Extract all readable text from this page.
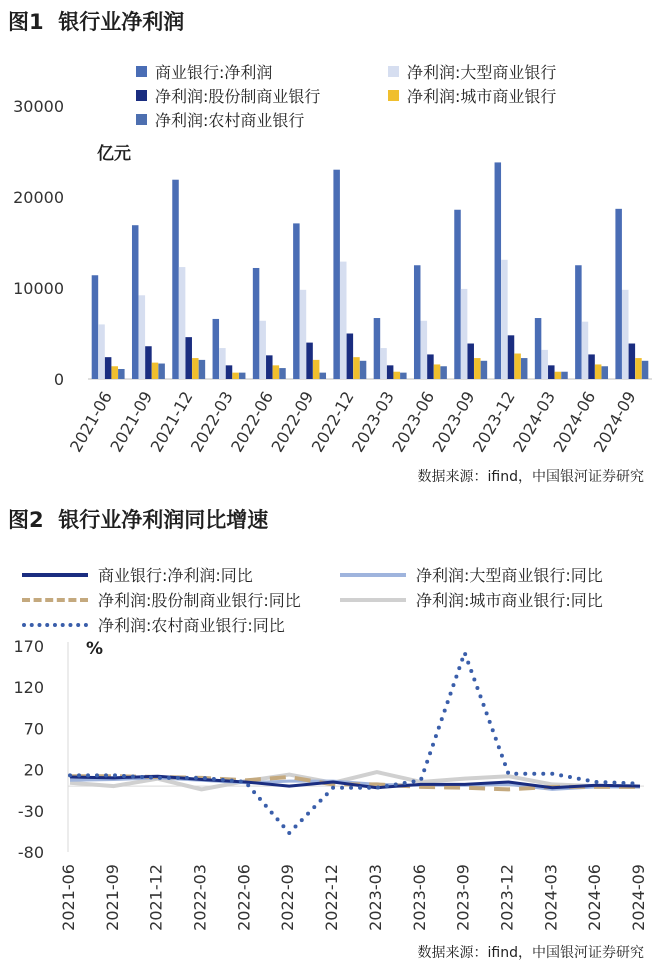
图1 银行业净利润
商业银行:净利润	净利润:大型商业银行
净利润:股份制商业银行	净利润:城市商业银行
净利润:农村商业银行
亿元
0
10000
20000
30000
2021-06
2021-09
2021-12
2022-03
2022-06
2022-09
2022-12
2023-03
2023-06
2023-09
2023-12
2024-03
2024-06
2024-09
数据来源：ifind，中国银河证券研究
图2 银行业净利润同比增速
商业银行:净利润:同比	净利润:大型商业银行:同比
净利润:股份制商业银行:同比	净利润:城市商业银行:同比
净利润:农村商业银行:同比
%
-80
-30
20
70
120
170
2021-06 2021-09 2021-12 2022-03 2022-06 2022-09 2022-12 2023-03 2023-06 2023-09 2023-12 2024-03 2024-06 2024-09
数据来源：ifind，中国银河证券研究
